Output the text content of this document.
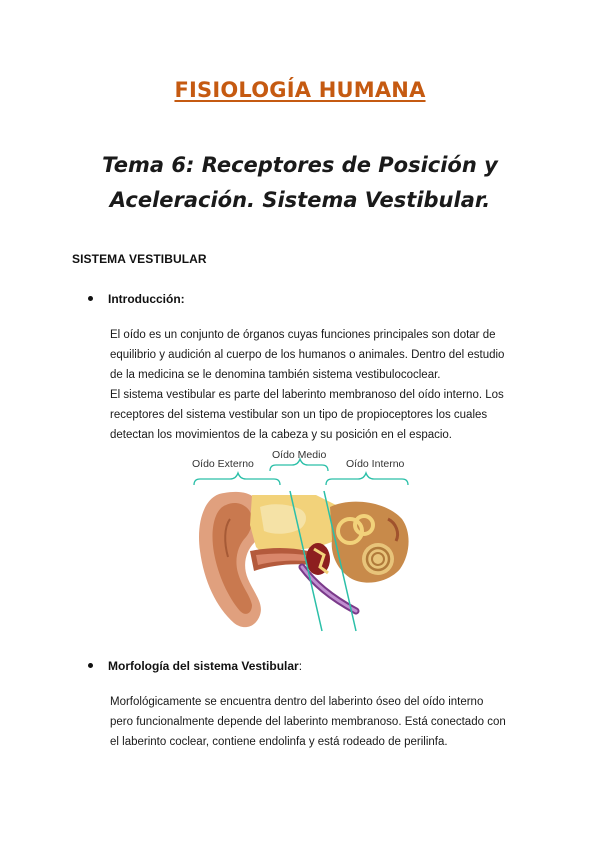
FISIOLOGÍA HUMANA
Tema 6: Receptores de Posición y
Aceleración. Sistema Vestibular.
SISTEMA VESTIBULAR
Introducción:

El oído es un conjunto de órganos cuyas funciones principales son dotar de

equilibrio y audición al cuerpo de los humanos o animales. Dentro del estudio

de la medicina se le denomina también sistema vestibulococlear.

El sistema vestibular es parte del laberinto membranoso del oído interno. Los

receptores del sistema vestibular son un tipo de propioceptores los cuales

detectan los movimientos de la cabeza y su posición en el espacio.

Oído Externo
Oído Medio
Oído Interno
Morfología del sistema Vestibular:

Morfológicamente se encuentra dentro del laberinto óseo del oído interno

pero funcionalmente depende del laberinto membranoso. Está conectado con

el laberinto coclear, contiene endolinfa y está rodeado de perilinfa.
